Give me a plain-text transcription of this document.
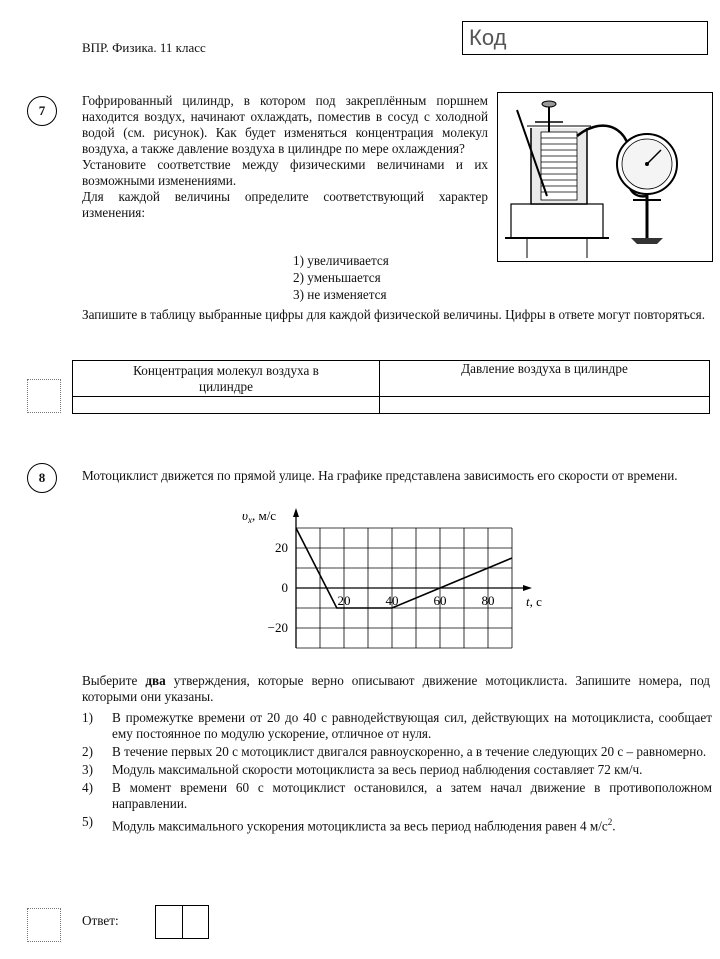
ВПР. Физика. 11 класс	Код
7

Гофрированный цилиндр, в котором под закреплённым поршнем находится воздух, начинают охлаждать, поместив в сосуд с холодной водой (см. рисунок). Как будет изменяться концентрация молекул воздуха, а также давление воздуха в цилиндре по мере охлаждения?

Установите соответствие между физическими величинами и их возможными изменениями.

Для каждой величины определите соответствующий характер изменения:

1) увеличивается
2) уменьшается
3) не изменяется
Запишите в таблицу выбранные цифры для каждой физической величины. Цифры в ответе могут повторяться.
Концентрация молекул воздуха в цилиндре	Давление воздуха в цилиндре

8	Мотоциклист движется по прямой улице. На графике представлена зависимость его скорости от времени.
20	40	60	80
20
0
−20
$\upsilon_x$, м/с
t, с
Выберите два утверждения, которые верно описывают движение мотоциклиста. Запишите номера, под которыми они указаны.
1) В промежутке времени от 20 до 40 с равнодействующая сил, действующих на мотоциклиста, сообщает ему постоянное по модулю ускорение, отличное от нуля.
2) В течение первых 20 с мотоциклист двигался равноускоренно, а в течение следующих 20 с – равномерно.
3) Модуль максимальной скорости мотоциклиста за весь период наблюдения составляет 72 км/ч.
4) В момент времени 60 с мотоциклист остановился, а затем начал движение в противоположном направлении.
5) Модуль максимального ускорения мотоциклиста за весь период наблюдения равен 4 $м/с^2$.
Ответ:
